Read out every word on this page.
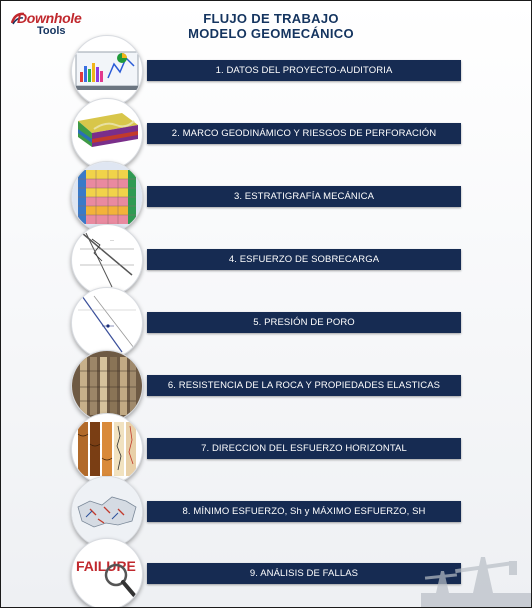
Downhole
Tools
FLUJO DE TRABAJO
MODELO GEOMECÁNICO
1. DATOS DEL PROYECTO-AUDITORIA
2. MARCO GEODINÁMICO Y RIESGOS DE PERFORACIÓN
3. ESTRATIGRAFÍA MECÁNICA
—
4. ESFUERZO DE SOBRECARGA
5. PRESIÓN DE PORO
6. RESISTENCIA DE LA ROCA Y PROPIEDADES ELASTICAS
7. DIRECCION DEL ESFUERZO HORIZONTAL
8. MÍNIMO ESFUERZO, Sh y MÁXIMO ESFUERZO, SH
FAILURE	9. ANÁLISIS DE FALLAS
